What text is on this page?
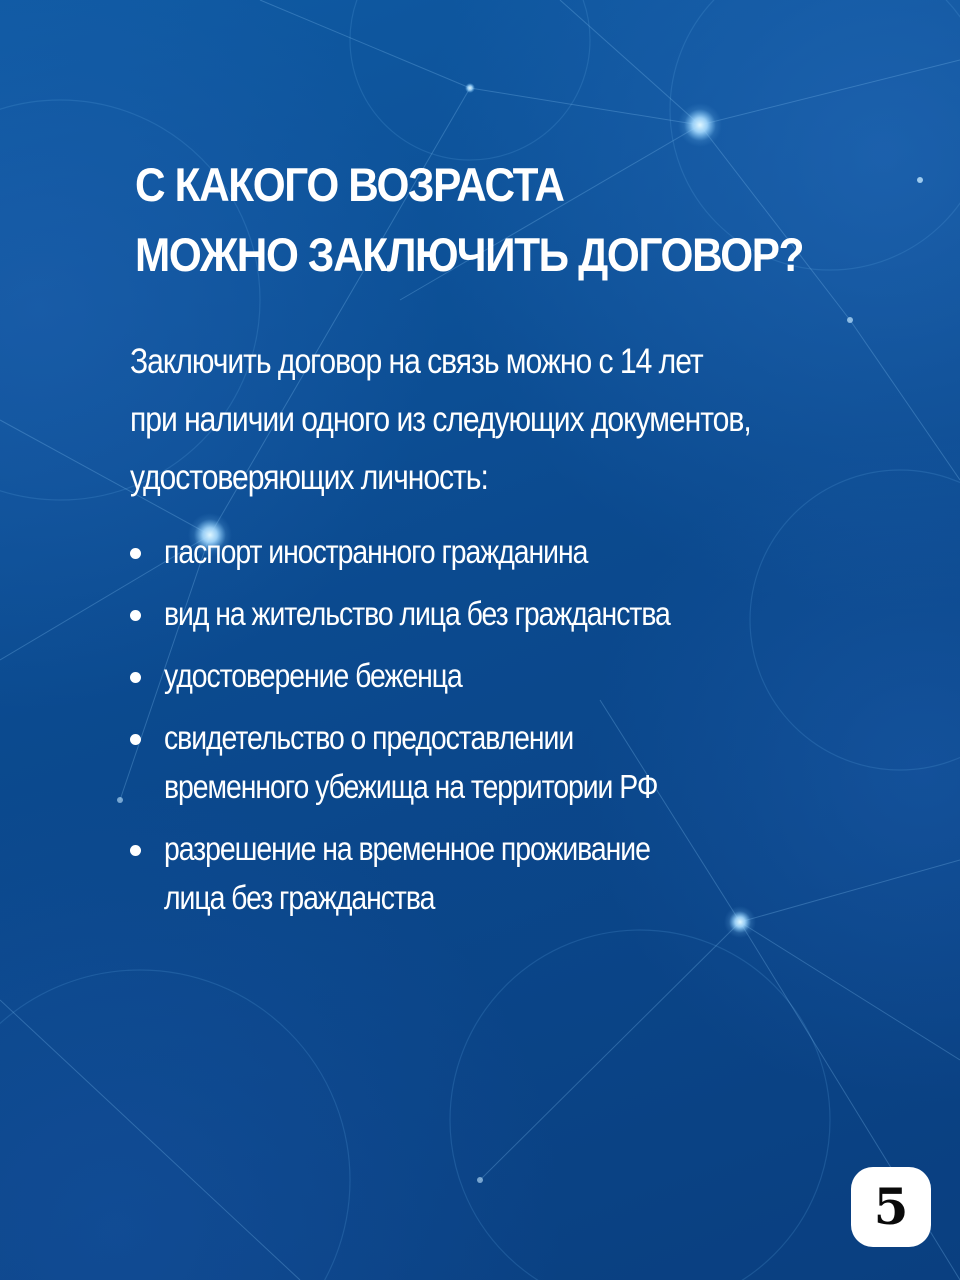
С КАКОГО ВОЗРАСТА
МОЖНО ЗАКЛЮЧИТЬ ДОГОВОР?

Заключить договор на связь можно с 14 лет
при наличии одного из следующих документов,
удостоверяющих личность:

паспорт иностранного гражданина
вид на жительство лица без гражданства
удостоверение беженца
свидетельство о предоставлении
временного убежища на территории РФ
разрешение на временное проживание
лица без гражданства
5
